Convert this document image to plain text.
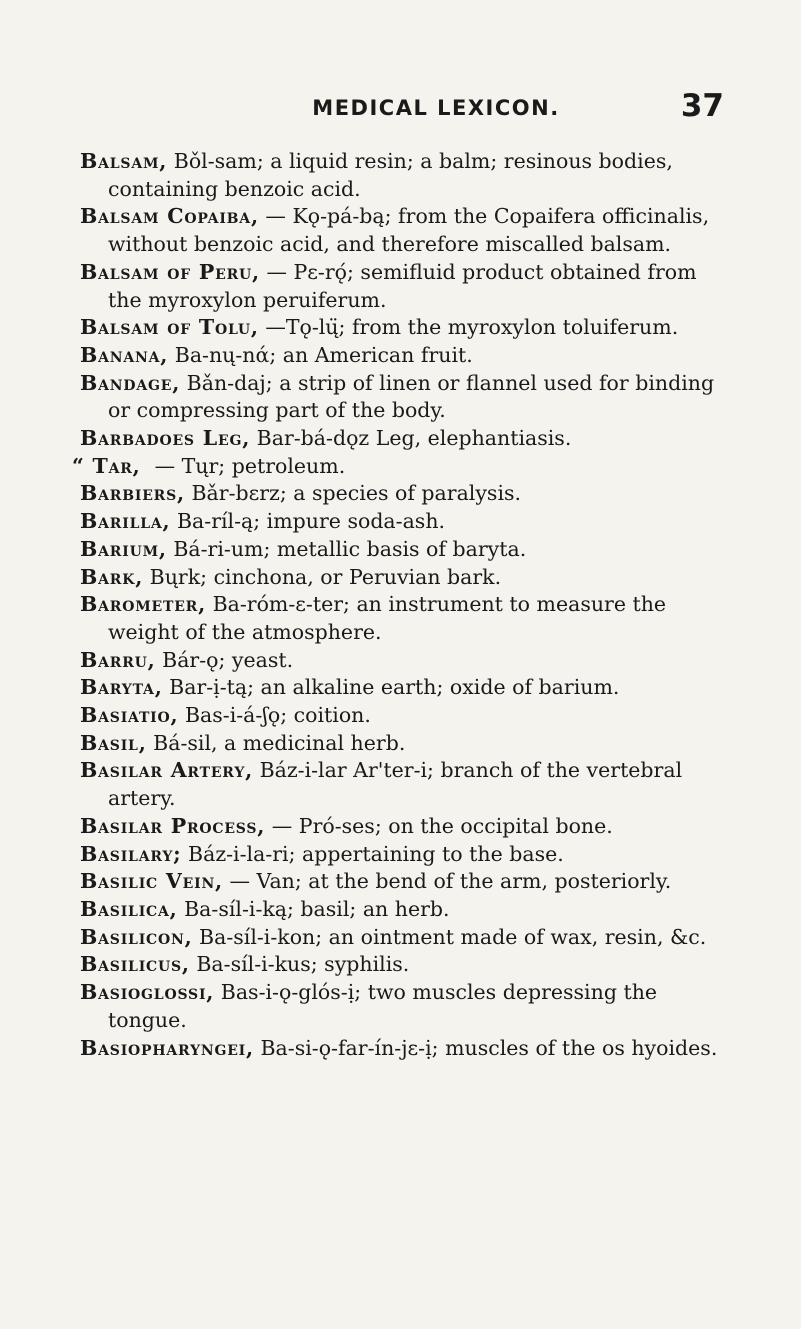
MEDICAL LEXICON.	37
Balsam, Bǒl-sam; a liquid resin; a balm; resinous bodies, containing benzoic acid.
Balsam Copaiba, — Kǫ-pá-bą; from the Copaifera officinalis, without benzoic acid, and therefore miscalled balsam.
Balsam of Peru, — Pɛ-rǫ́; semifluid product obtained from the myroxylon peruiferum.
Balsam of Tolu, —Tǫ-lų̈; from the myroxylon toluiferum.
Banana, Ba-nų-nά; an American fruit.
Bandage, Bǎn-daj; a strip of linen or flannel used for binding or compressing part of the body.
Barbadoes Leg, Bar-bá-dǫz Leg, elephantiasis.
“ Tar, — Tųr; petroleum.
Barbiers, Bǎr-bɛrz; a species of paralysis.
Barilla, Ba-ríl-ą; impure soda-ash.
Barium, Bá-ri-um; metallic basis of baryta.
Bark, Bųrk; cinchona, or Peruvian bark.
Barometer, Ba-róm-ɛ-ter; an instrument to measure the weight of the atmosphere.
Barru, Bár-ǫ; yeast.
Baryta, Bar-ị-tą; an alkaline earth; oxide of barium.
Basiatio, Bas-i-á-ʃǫ; coition.
Basil, Bá-sil, a medicinal herb.
Basilar Artery, Báz-i-lar Ar'ter-i; branch of the vertebral artery.
Basilar Process, — Pró-ses; on the occipital bone.
Basilary; Báz-i-la-ri; appertaining to the base.
Basilic Vein, — Van; at the bend of the arm, posteriorly.
Basilica, Ba-síl-i-ką; basil; an herb.
Basilicon, Ba-síl-i-kon; an ointment made of wax, resin, &c.
Basilicus, Ba-síl-i-kus; syphilis.
Basioglossi, Bas-i-ǫ-glós-ị; two muscles depressing the tongue.
Basiopharyngei, Ba-si-ǫ-far-ín-jɛ-ị; muscles of the os hyoides.
